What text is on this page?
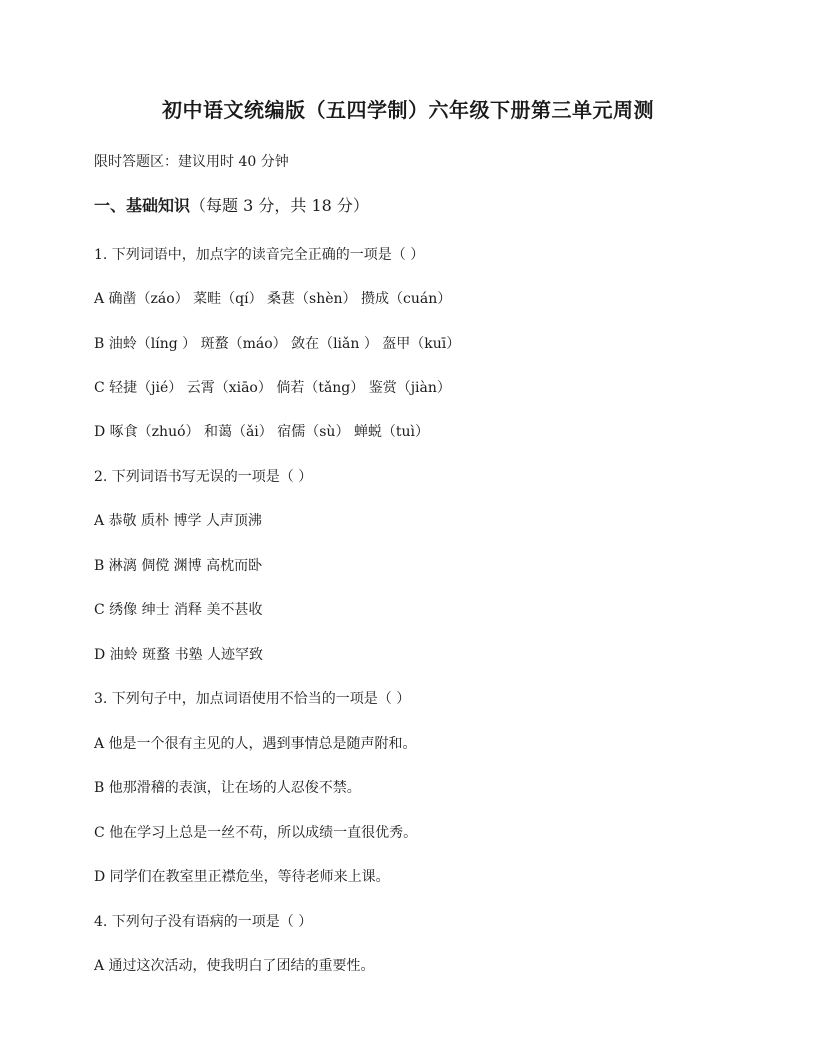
初中语文统编版（五四学制）六年级下册第三单元周测
限时答题区：建议用时 40 分钟
一、基础知识（每题 3 分，共 18 分）
1. 下列词语中，加点字的读音完全正确的一项是（ ）
A 确凿（záo） 菜畦（qí） 桑葚（shèn） 攒成（cuán）
B 油蛉（líng ） 斑蝥（máo） 敛在（liǎn ） 盔甲（kuī）
C 轻捷（jié） 云霄（xiāo） 倘若（tǎng） 鉴赏（jiàn）
D 啄食（zhuó） 和蔼（ǎi） 宿儒（sù） 蝉蜕（tuì）
2. 下列词语书写无误的一项是（ ）
A 恭敬 质朴 博学 人声顶沸
B 淋漓 倜傥 渊博 高枕而卧
C 绣像 绅士 消释 美不甚收
D 油蛉 斑蝥 书塾 人迹罕致
3. 下列句子中，加点词语使用不恰当的一项是（ ）
A 他是一个很有主见的人，遇到事情总是随声附和。
B 他那滑稽的表演，让在场的人忍俊不禁。
C 他在学习上总是一丝不苟，所以成绩一直很优秀。
D 同学们在教室里正襟危坐，等待老师来上课。
4. 下列句子没有语病的一项是（ ）
A 通过这次活动，使我明白了团结的重要性。
